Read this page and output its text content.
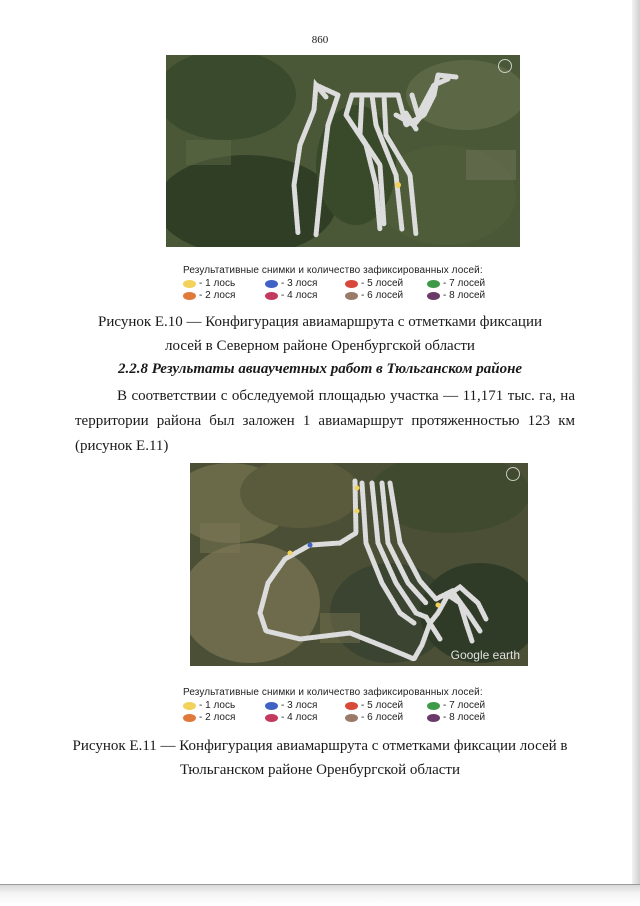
860
Результативные снимки и количество зафиксированных лосей:
- 1 лось	- 3 лося	- 5 лосей	- 7 лосей
- 2 лося	- 4 лося	- 6 лосей	- 8 лосей
Рисунок Е.10 — Конфигурация авиамаршрута с отметками фиксации
лосей в Северном районе Оренбургской области
2.2.8 Результаты авиаучетных работ в Тюльганском районе

В соответствии с обследуемой площадью участка — 11,171 тыс. га, на территории района был заложен 1 авиамаршрут протяженностью 123 км (рисунок Е.11)

Google earth
Результативные снимки и количество зафиксированных лосей:
- 1 лось	- 3 лося	- 5 лосей	- 7 лосей
- 2 лося	- 4 лося	- 6 лосей	- 8 лосей
Рисунок Е.11 — Конфигурация авиамаршрута с отметками фиксации лосей в
Тюльганском районе Оренбургской области
